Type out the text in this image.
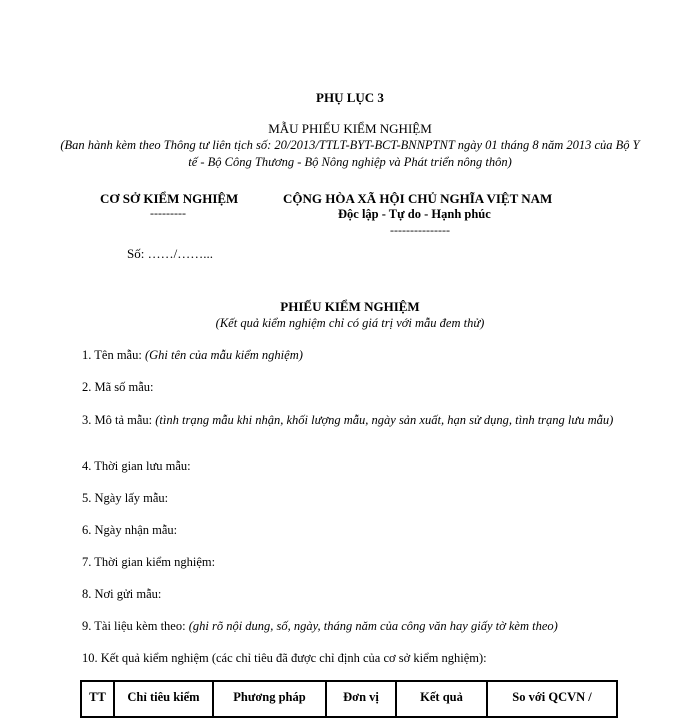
PHỤ LỤC 3
MẪU PHIẾU KIỂM NGHIỆM
(Ban hành kèm theo Thông tư liên tịch số: 20/2013/TTLT-BYT-BCT-BNNPTNT ngày 01 tháng 8 năm 2013 của Bộ Y tế - Bộ Công Thương - Bộ Nông nghiệp và Phát triển nông thôn)
CƠ SỞ KIỂM NGHIỆM
---------
CỘNG HÒA XÃ HỘI CHỦ NGHĨA VIỆT NAM
Độc lập - Tự do - Hạnh phúc
---------------
Số: ……/……...
PHIẾU KIỂM NGHIỆM
(Kết quả kiểm nghiệm chỉ có giá trị với mẫu đem thử)
1. Tên mẫu: (Ghi tên của mẫu kiểm nghiệm)
2. Mã số mẫu:
3. Mô tả mẫu: (tình trạng mẫu khi nhận, khối lượng mẫu, ngày sản xuất, hạn sử dụng, tình trạng lưu mẫu)
4. Thời gian lưu mẫu:
5. Ngày lấy mẫu:
6. Ngày nhận mẫu:
7. Thời gian kiểm nghiệm:
8. Nơi gửi mẫu:
9. Tài liệu kèm theo: (ghi rõ nội dung, số, ngày, tháng năm của công văn hay giấy tờ kèm theo)
10. Kết quả kiểm nghiệm (các chỉ tiêu đã được chỉ định của cơ sở kiểm nghiệm):
TT	Chỉ tiêu kiểm	Phương pháp	Đơn vị	Kết quả	So với QCVN /
